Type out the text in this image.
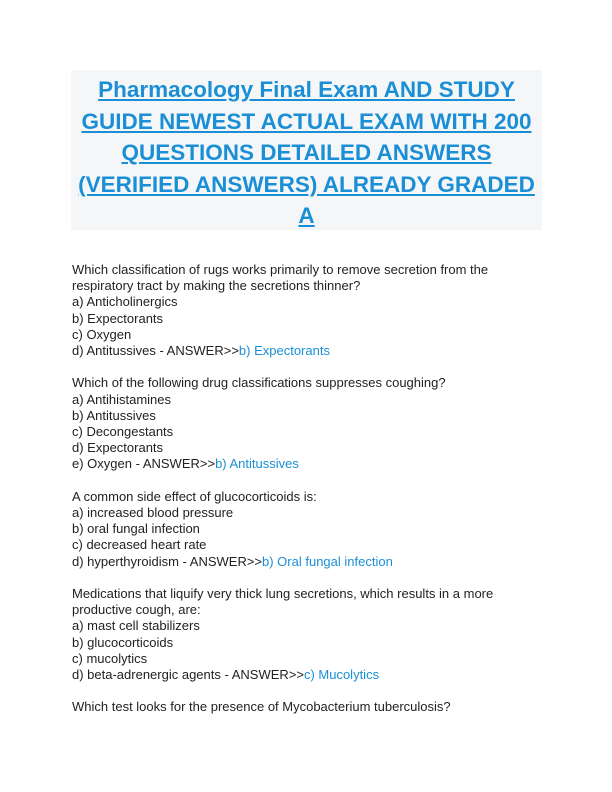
Pharmacology Final Exam AND STUDY GUIDE NEWEST ACTUAL EXAM WITH 200 QUESTIONS DETAILED ANSWERS (VERIFIED ANSWERS) ALREADY GRADED A

Which classification of rugs works primarily to remove secretion from the respiratory tract by making the secretions thinner?

a) Anticholinergics

b) Expectorants

c) Oxygen

d) Antitussives - ANSWER>>b) Expectorants

Which of the following drug classifications suppresses coughing?

a) Antihistamines

b) Antitussives

c) Decongestants

d) Expectorants

e) Oxygen - ANSWER>>b) Antitussives

A common side effect of glucocorticoids is:

a) increased blood pressure

b) oral fungal infection

c) decreased heart rate

d) hyperthyroidism - ANSWER>>b) Oral fungal infection

Medications that liquify very thick lung secretions, which results in a more productive cough, are:

a) mast cell stabilizers

b) glucocorticoids

c) mucolytics

d) beta-adrenergic agents - ANSWER>>c) Mucolytics

Which test looks for the presence of Mycobacterium tuberculosis?
